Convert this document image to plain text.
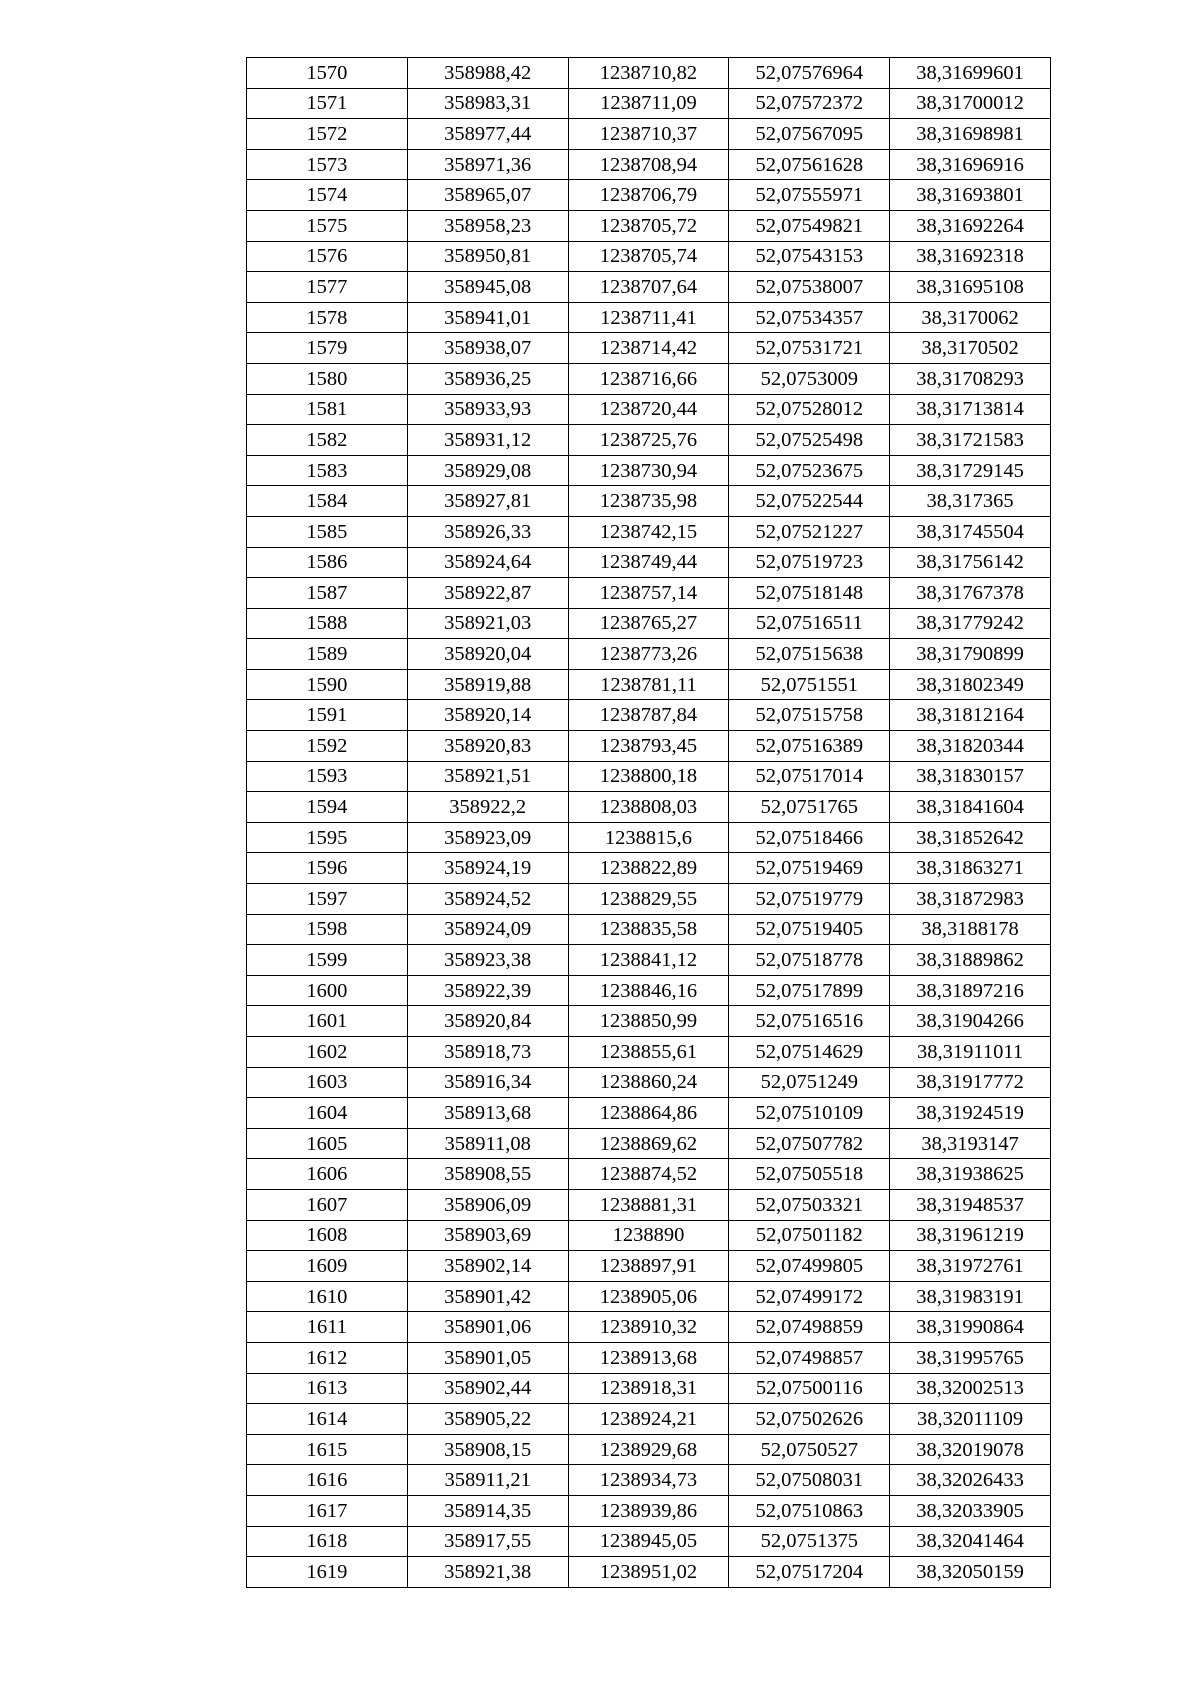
1570	358988,42	1238710,82	52,07576964	38,31699601
1571	358983,31	1238711,09	52,07572372	38,31700012
1572	358977,44	1238710,37	52,07567095	38,31698981
1573	358971,36	1238708,94	52,07561628	38,31696916
1574	358965,07	1238706,79	52,07555971	38,31693801
1575	358958,23	1238705,72	52,07549821	38,31692264
1576	358950,81	1238705,74	52,07543153	38,31692318
1577	358945,08	1238707,64	52,07538007	38,31695108
1578	358941,01	1238711,41	52,07534357	38,3170062
1579	358938,07	1238714,42	52,07531721	38,3170502
1580	358936,25	1238716,66	52,0753009	38,31708293
1581	358933,93	1238720,44	52,07528012	38,31713814
1582	358931,12	1238725,76	52,07525498	38,31721583
1583	358929,08	1238730,94	52,07523675	38,31729145
1584	358927,81	1238735,98	52,07522544	38,317365
1585	358926,33	1238742,15	52,07521227	38,31745504
1586	358924,64	1238749,44	52,07519723	38,31756142
1587	358922,87	1238757,14	52,07518148	38,31767378
1588	358921,03	1238765,27	52,07516511	38,31779242
1589	358920,04	1238773,26	52,07515638	38,31790899
1590	358919,88	1238781,11	52,0751551	38,31802349
1591	358920,14	1238787,84	52,07515758	38,31812164
1592	358920,83	1238793,45	52,07516389	38,31820344
1593	358921,51	1238800,18	52,07517014	38,31830157
1594	358922,2	1238808,03	52,0751765	38,31841604
1595	358923,09	1238815,6	52,07518466	38,31852642
1596	358924,19	1238822,89	52,07519469	38,31863271
1597	358924,52	1238829,55	52,07519779	38,31872983
1598	358924,09	1238835,58	52,07519405	38,3188178
1599	358923,38	1238841,12	52,07518778	38,31889862
1600	358922,39	1238846,16	52,07517899	38,31897216
1601	358920,84	1238850,99	52,07516516	38,31904266
1602	358918,73	1238855,61	52,07514629	38,31911011
1603	358916,34	1238860,24	52,0751249	38,31917772
1604	358913,68	1238864,86	52,07510109	38,31924519
1605	358911,08	1238869,62	52,07507782	38,3193147
1606	358908,55	1238874,52	52,07505518	38,31938625
1607	358906,09	1238881,31	52,07503321	38,31948537
1608	358903,69	1238890	52,07501182	38,31961219
1609	358902,14	1238897,91	52,07499805	38,31972761
1610	358901,42	1238905,06	52,07499172	38,31983191
1611	358901,06	1238910,32	52,07498859	38,31990864
1612	358901,05	1238913,68	52,07498857	38,31995765
1613	358902,44	1238918,31	52,07500116	38,32002513
1614	358905,22	1238924,21	52,07502626	38,32011109
1615	358908,15	1238929,68	52,0750527	38,32019078
1616	358911,21	1238934,73	52,07508031	38,32026433
1617	358914,35	1238939,86	52,07510863	38,32033905
1618	358917,55	1238945,05	52,0751375	38,32041464
1619	358921,38	1238951,02	52,07517204	38,32050159
